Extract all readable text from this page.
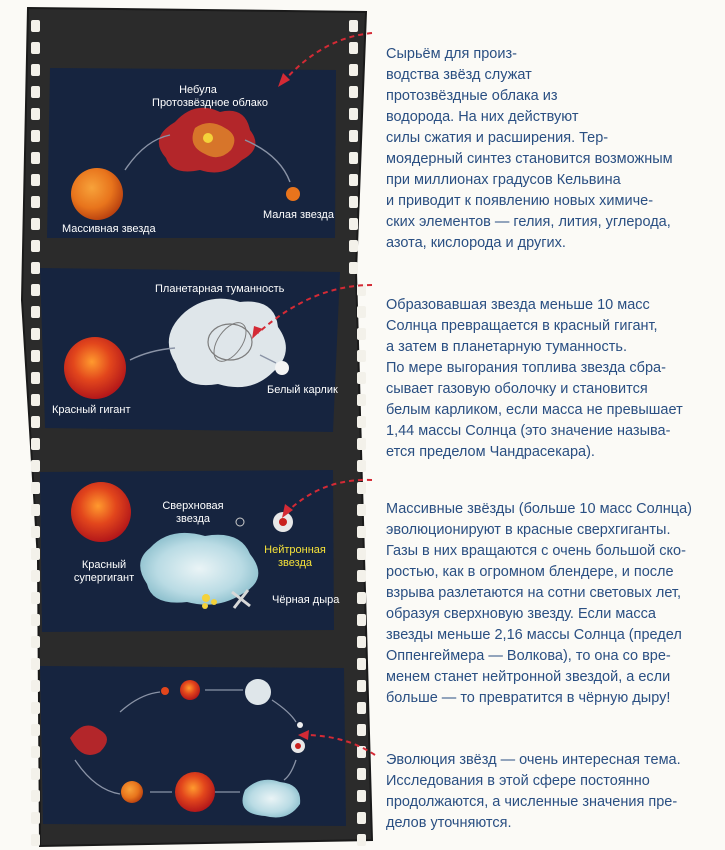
Небула
Протозвёздное облако
Массивная звезда
Малая звезда
Планетарная туманность
Красный гигант
Белый карлик
Сверхновая
звезда
Красный
супергигант
Нейтронная
звезда
Чёрная дыра

Сырьём для произ-
водства звёзд служат
протозвёздные облака из
водорода. На них действуют
силы сжатия и расширения. Тер-
моядерный синтез становится возможным
при миллионах градусов Кельвина
и приводит к появлению новых химиче-
ских элементов — гелия, лития, углерода,
азота, кислорода и других.

Образовавшая звезда меньше 10 масс
Солнца превращается в красный гигант,
а затем в планетарную туманность.
По мере выгорания топлива звезда сбра-
сывает газовую оболочку и становится
белым карликом, если масса не превышает
1,44 массы Солнца (это значение называ-
ется пределом Чандрасекара).

Массивные звёзды (больше 10 масс Солнца)
эволюционируют в красные сверхгиганты.
Газы в них вращаются с очень большой ско-
ростью, как в огромном блендере, и после
взрыва разлетаются на сотни световых лет,
образуя сверхновую звезду. Если масса
звезды меньше 2,16 массы Солнца (предел
Оппенгеймера — Волкова), то она со вре-
менем станет нейтронной звездой, а если
больше — то превратится в чёрную дыру!

Эволюция звёзд — очень интересная тема.
Исследования в этой сфере постоянно
продолжаются, а численные значения пре-
делов уточняются.
